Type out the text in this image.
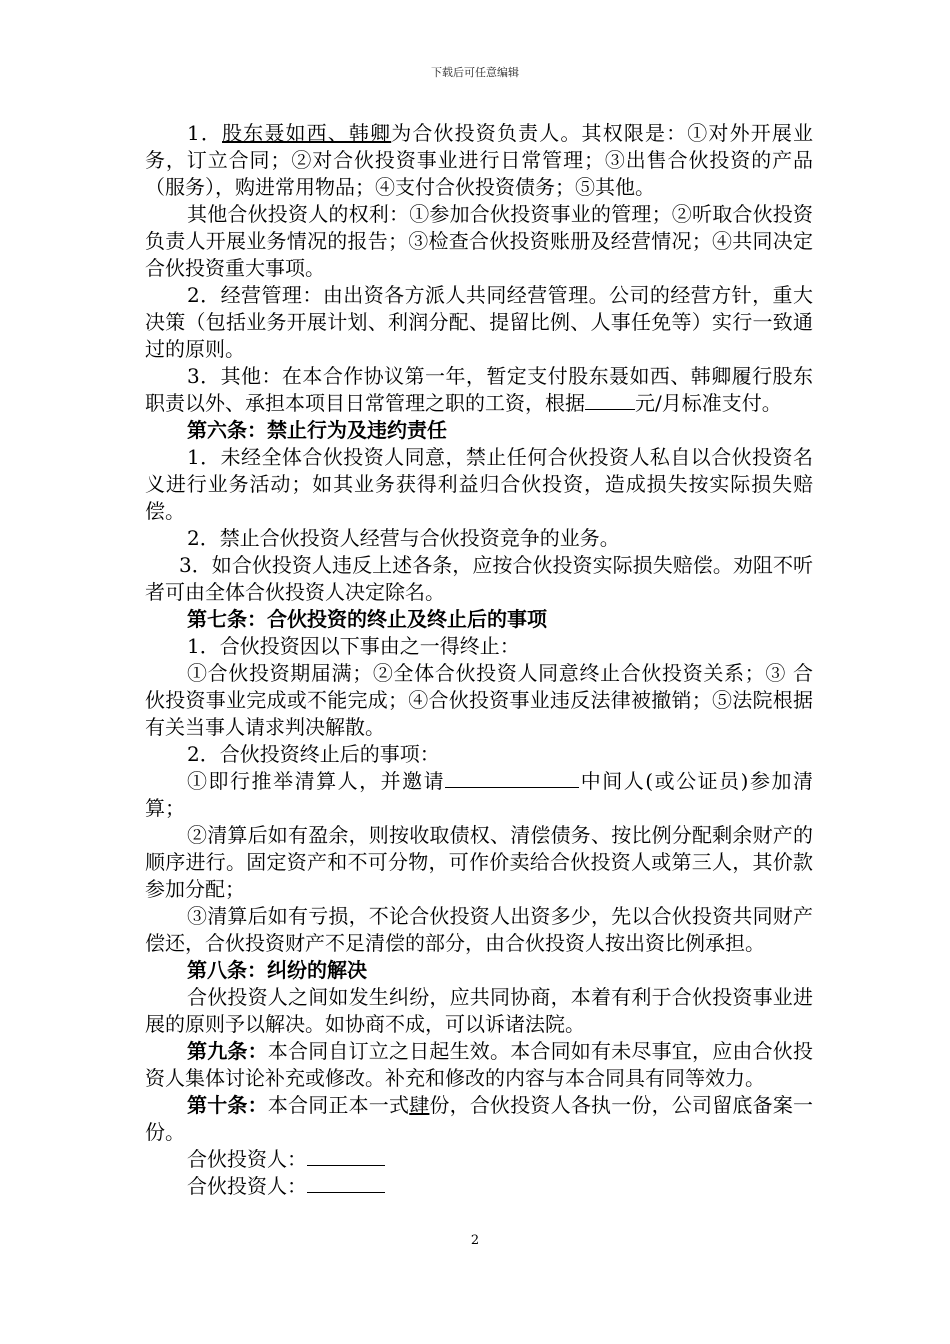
下载后可任意编辑

1．股东聂如西、韩卿为合伙投资负责人。其权限是：①对外开展业务，订立合同；②对合伙投资事业进行日常管理；③出售合伙投资的产品（服务），购进常用物品；④支付合伙投资债务；⑤其他。

其他合伙投资人的权利：①参加合伙投资事业的管理；②听取合伙投资负责人开展业务情况的报告；③检查合伙投资账册及经营情况；④共同决定合伙投资重大事项。

2．经营管理：由出资各方派人共同经营管理。公司的经营方针，重大决策（包括业务开展计划、利润分配、提留比例、人事任免等）实行一致通过的原则。

3．其他：在本合作协议第一年，暂定支付股东聂如西、韩卿履行股东职责以外、承担本项目日常管理之职的工资，根据	元/月标准支付。

第六条：禁止行为及违约责任

1．未经全体合伙投资人同意，禁止任何合伙投资人私自以合伙投资名义进行业务活动；如其业务获得利益归合伙投资，造成损失按实际损失赔偿。

2．禁止合伙投资人经营与合伙投资竞争的业务。

3．如合伙投资人违反上述各条，应按合伙投资实际损失赔偿。劝阻不听者可由全体合伙投资人决定除名。

第七条：合伙投资的终止及终止后的事项

1．合伙投资因以下事由之一得终止：

①合伙投资期届满；②全体合伙投资人同意终止合伙投资关系；③ 合伙投资事业完成或不能完成；④合伙投资事业违反法律被撤销；⑤法院根据有关当事人请求判决解散。

2．合伙投资终止后的事项：

①即行推举清算人，并邀请	中间人(或公证员)参加清算；

②清算后如有盈余，则按收取债权、清偿债务、按比例分配剩余财产的顺序进行。固定资产和不可分物，可作价卖给合伙投资人或第三人，其价款参加分配；

③清算后如有亏损，不论合伙投资人出资多少，先以合伙投资共同财产偿还，合伙投资财产不足清偿的部分，由合伙投资人按出资比例承担。

第八条：纠纷的解决

合伙投资人之间如发生纠纷，应共同协商，本着有利于合伙投资事业进展的原则予以解决。如协商不成，可以诉诸法院。

第九条：本合同自订立之日起生效。本合同如有未尽事宜，应由合伙投资人集体讨论补充或修改。补充和修改的内容与本合同具有同等效力。

第十条：本合同正本一式肆份，合伙投资人各执一份，公司留底备案一份。

合伙投资人：

合伙投资人：

2
